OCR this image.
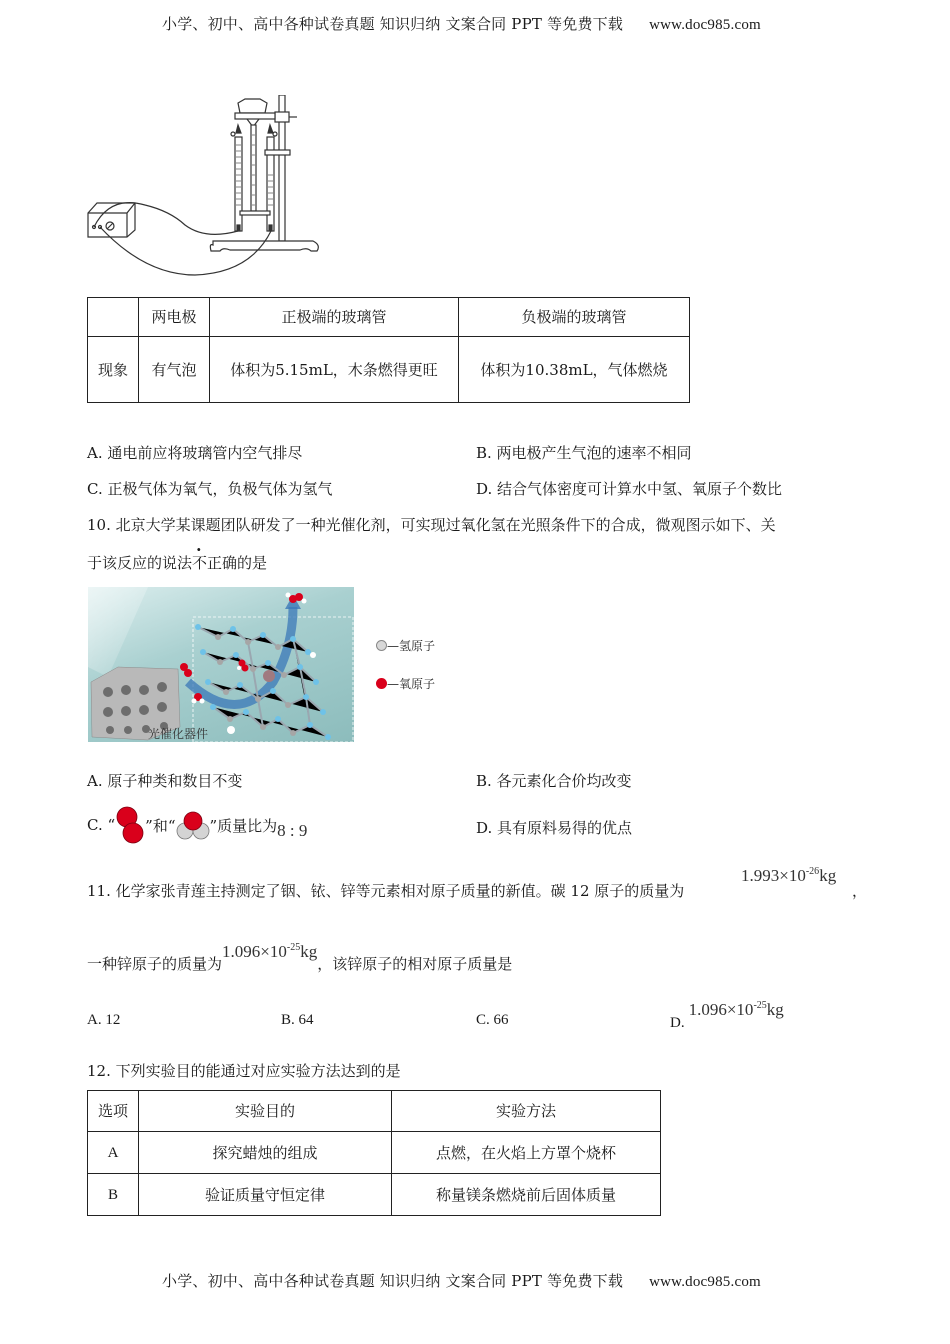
小学、初中、高中各种试卷真题 知识归纳 文案合同 PPT 等免费下载 www.doc985.com
	两电极	正极端的玻璃管	负极端的玻璃管
现象	有气泡	体积为5.15mL，木条燃得更旺	体积为10.38mL，气体燃烧
A. 通电前应将玻璃管内空气排尽	B. 两电极产生气泡的速率不相同
C. 正极气体为氧气，负极气体为氢气	D. 结合气体密度可计算水中氢、氧原子个数比
10. 北京大学某课题团队研发了一种光催化剂，可实现过氧化氢在光照条件下的合成，微观图示如下、关
于该反应的说法不正确的是
光催化器件
—氢原子
—氧原子
A. 原子种类和数目不变	B. 各元素化合价均改变
C. “ ”和“ ”质量比为 8 : 9	D. 具有原料易得的优点
11. 化学家张青莲主持测定了铟、铱、锌等元素相对原子质量的新值。碳 12 原子的质量为
$1.993\times 10^{-26}kg$
，
一种锌原子的质量为$1.096\times 10^{-25}kg$，该锌原子的相对原子质量是
A. 12	B. 64	C. 66	$D.1.096\times 10^{-25}kg$
12. 下列实验目的能通过对应实验方法达到的是
选项	实验目的	实验方法
A	探究蜡烛的组成	点燃，在火焰上方罩个烧杯
B	验证质量守恒定律	称量镁条燃烧前后固体质量
小学、初中、高中各种试卷真题 知识归纳 文案合同 PPT 等免费下载 www.doc985.com
